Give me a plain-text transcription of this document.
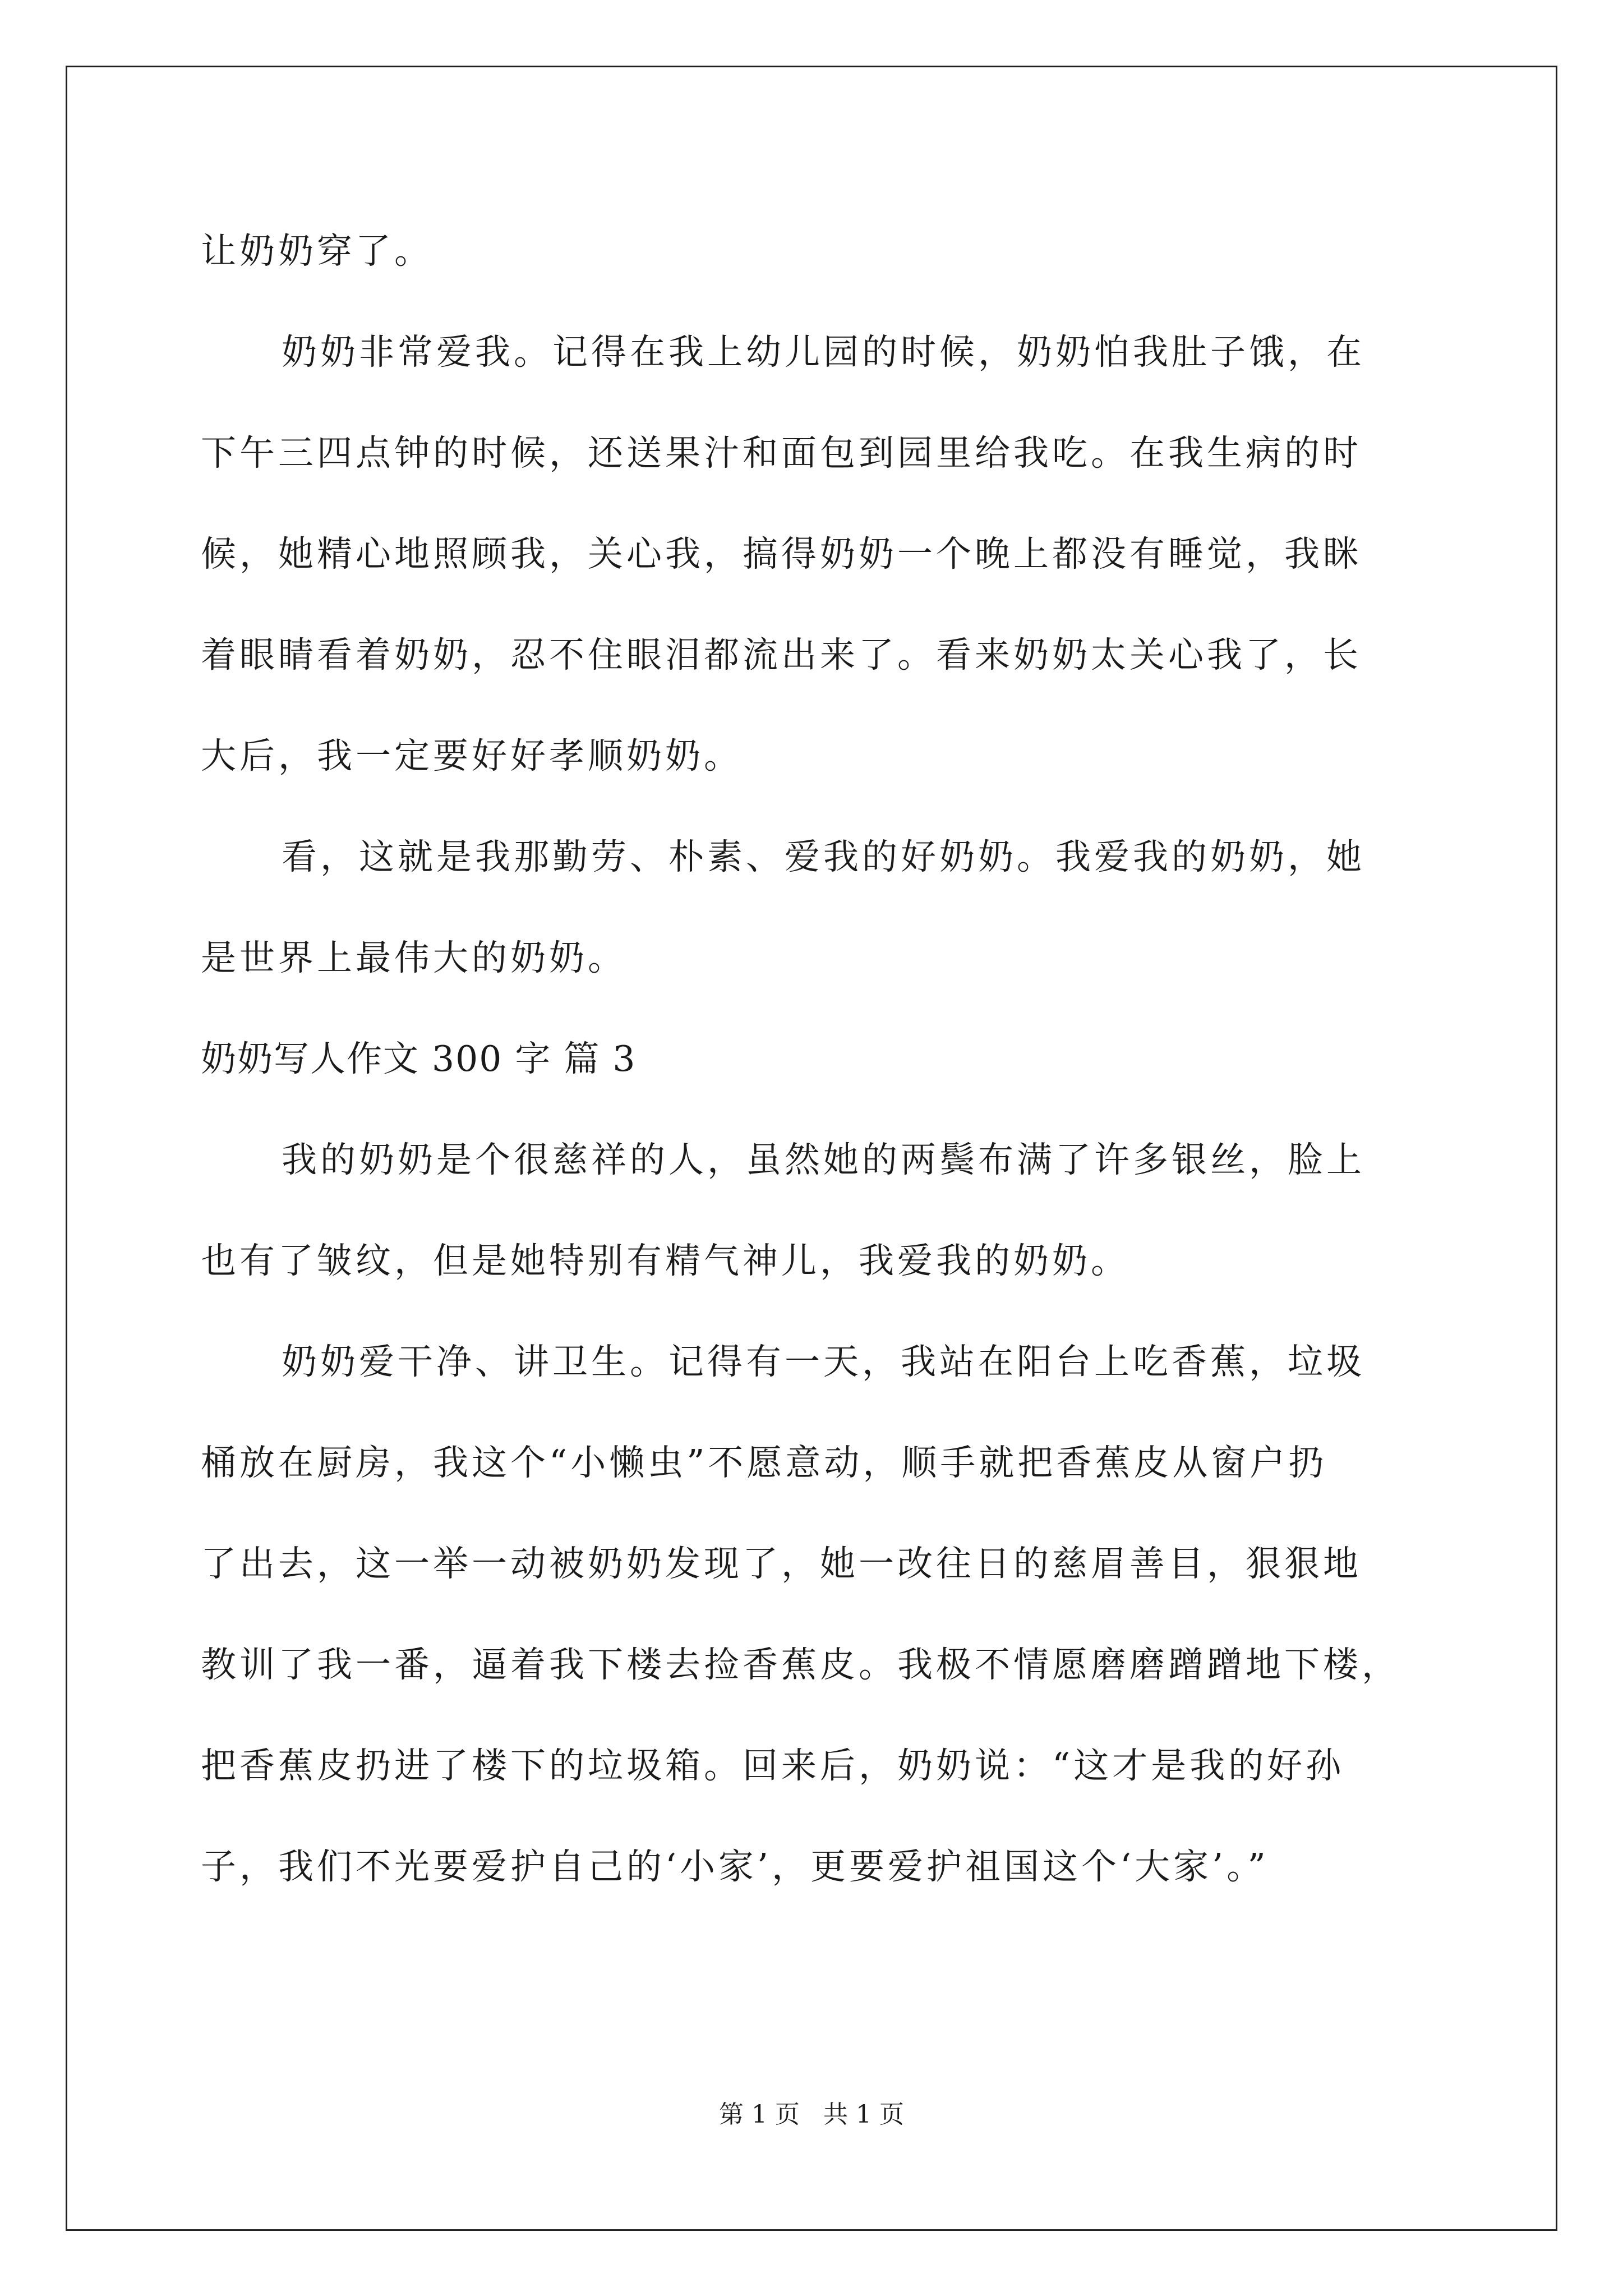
让奶奶穿了。
奶奶非常爱我。记得在我上幼儿园的时候，奶奶怕我肚子饿，在
下午三四点钟的时候，还送果汁和面包到园里给我吃。在我生病的时
候，她精心地照顾我，关心我，搞得奶奶一个晚上都没有睡觉，我眯
着眼睛看着奶奶，忍不住眼泪都流出来了。看来奶奶太关心我了，长
大后，我一定要好好孝顺奶奶。
看，这就是我那勤劳、朴素、爱我的好奶奶。我爱我的奶奶，她
是世界上最伟大的奶奶。
奶奶写人作文 300 字 篇 3
我的奶奶是个很慈祥的人，虽然她的两鬓布满了许多银丝，脸上
也有了皱纹，但是她特别有精气神儿，我爱我的奶奶。
奶奶爱干净、讲卫生。记得有一天，我站在阳台上吃香蕉，垃圾
桶放在厨房，我这个“小懒虫”不愿意动，顺手就把香蕉皮从窗户扔
了出去，这一举一动被奶奶发现了，她一改往日的慈眉善目，狠狠地
教训了我一番，逼着我下楼去捡香蕉皮。我极不情愿磨磨蹭蹭地下楼，
把香蕉皮扔进了楼下的垃圾箱。回来后，奶奶说：“这才是我的好孙
子，我们不光要爱护自己的‘小家’，更要爱护祖国这个‘大家’。”
第 1 页   共 1 页
